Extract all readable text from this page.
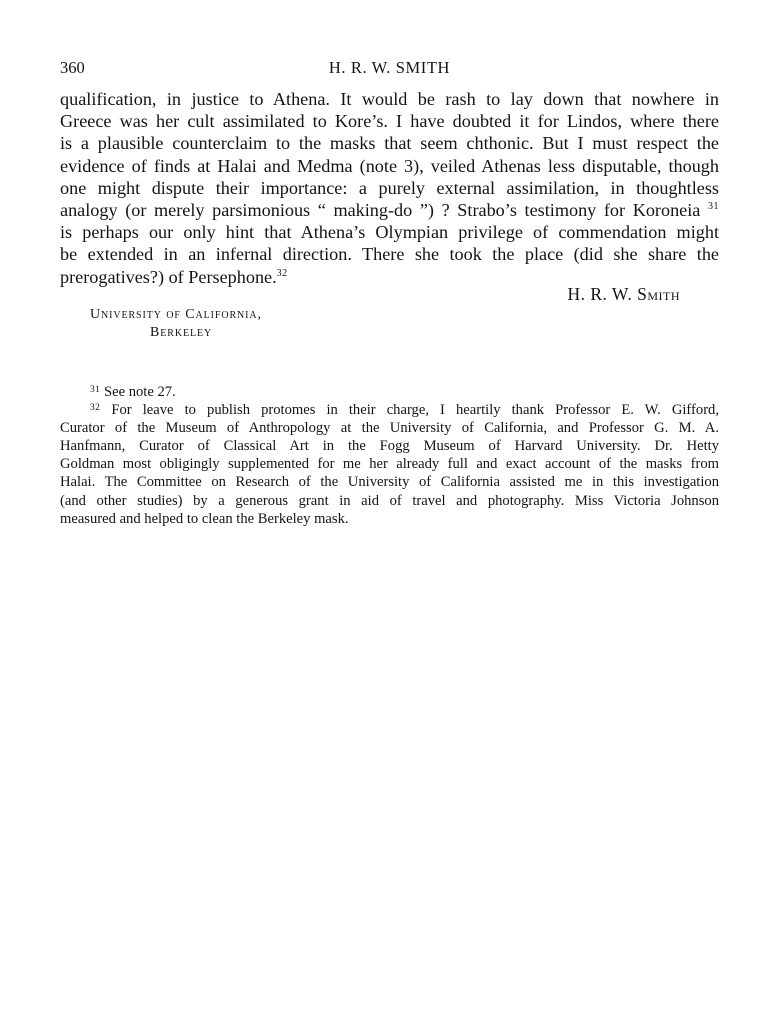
360	H. R. W. SMITH
qualification, in justice to Athena. It would be rash to lay down that nowhere in
Greece was her cult assimilated to Kore’s. I have doubted it for Lindos, where there
is a plausible counterclaim to the masks that seem chthonic. But I must respect the
evidence of finds at Halai and Medma (note 3), veiled Athenas less disputable, though
one might dispute their importance: a purely external assimilation, in thoughtless
analogy (or merely parsimonious “ making-do ”) ? Strabo’s testimony for Koroneia $^{31}$
is perhaps our only hint that Athena’s Olympian privilege of commendation might
be extended in an infernal direction. There she took the place (did she share the
prerogatives?) of Persephone.$^{32}$
H. R. W. Smith
University of California,
Berkeley
$^{31}$ See note 27.
$^{32}$ For leave to publish protomes in their charge, I heartily thank Professor E. W. Gifford,
Curator of the Museum of Anthropology at the University of California, and Professor G. M. A.
Hanfmann, Curator of Classical Art in the Fogg Museum of Harvard University. Dr. Hetty
Goldman most obligingly supplemented for me her already full and exact account of the masks from
Halai. The Committee on Research of the University of California assisted me in this investigation
(and other studies) by a generous grant in aid of travel and photography. Miss Victoria Johnson
measured and helped to clean the Berkeley mask.
